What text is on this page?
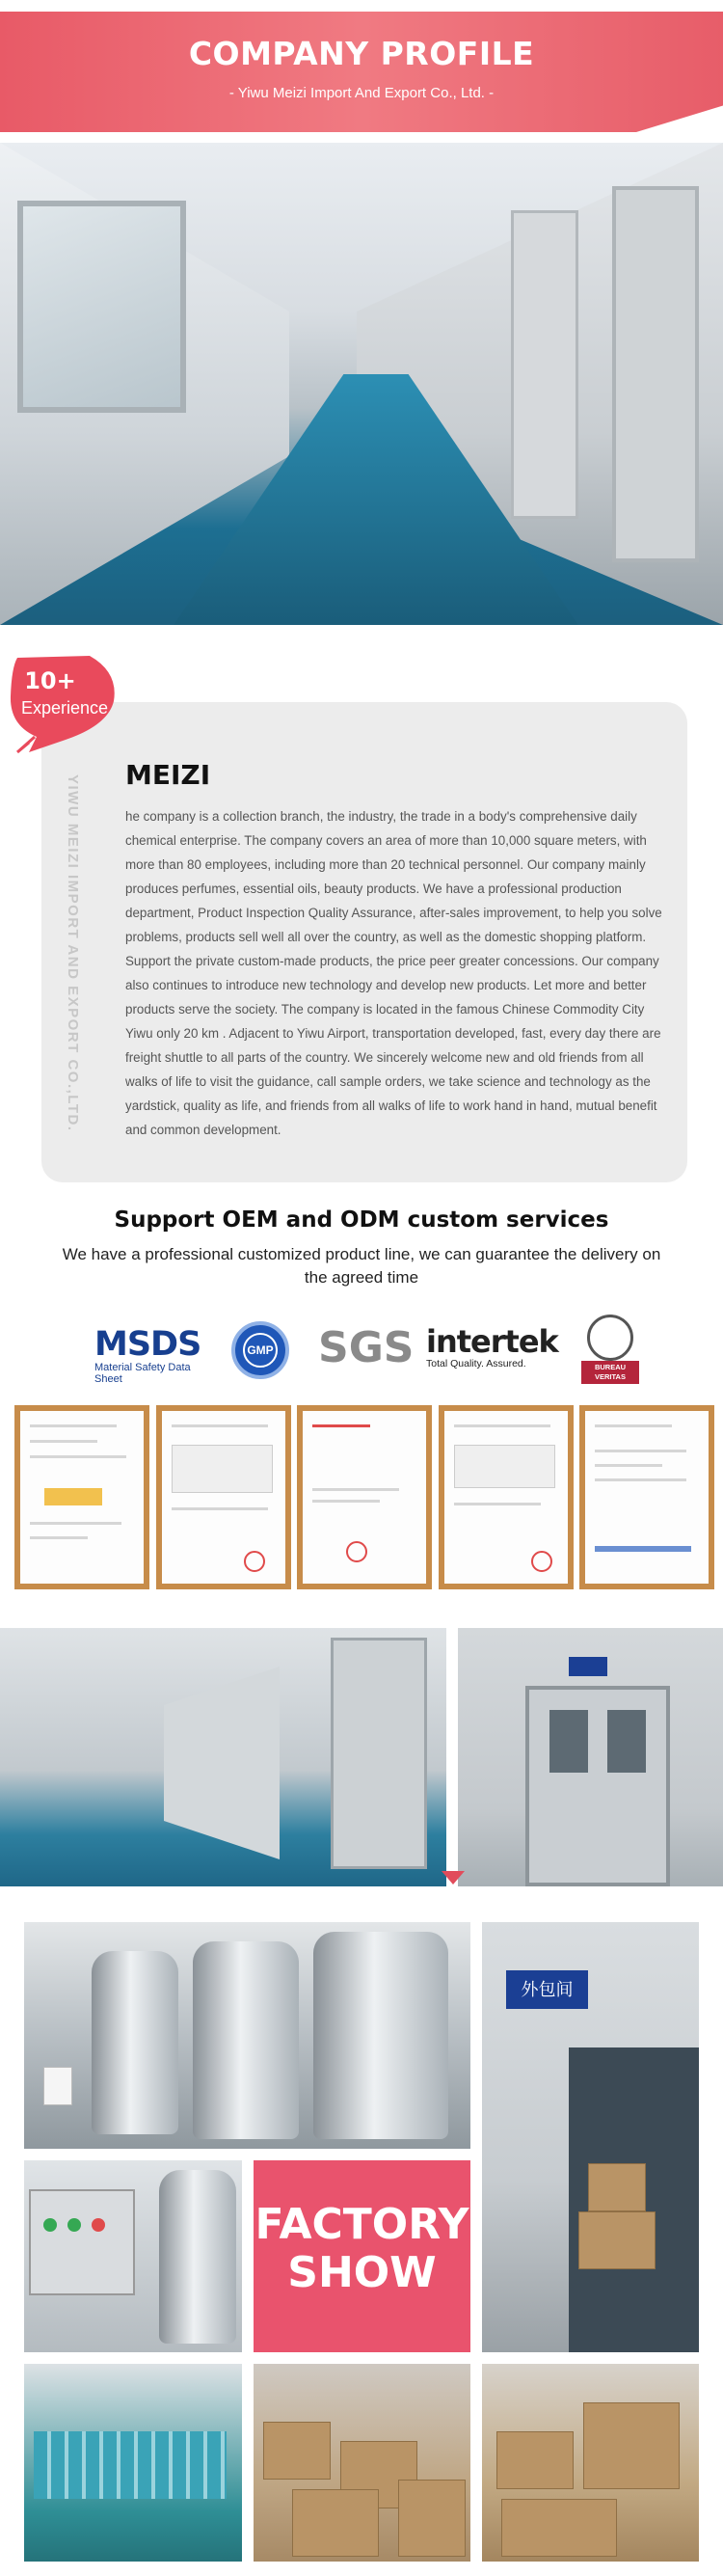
COMPANY PROFILE
- Yiwu Meizi Import And Export Co., Ltd. -
10+
Experience
YIWU MEIZI IMPORT AND EXPORT CO.,LTD. MEIZI
he company is a collection branch, the industry, the trade in a body's comprehensive daily chemical enterprise. The company covers an area of more than 10,000 square meters, with more than 80 employees, including more than 20 technical personnel. Our company mainly produces perfumes, essential oils, beauty products. We have a professional production department, Product Inspection Quality Assurance, after-sales improvement, to help you solve problems, products sell well all over the country, as well as the domestic shopping platform. Support the private custom-made products, the price peer greater concessions. Our company also continues to introduce new technology and develop new products. Let more and better products serve the society. The company is located in the famous Chinese Commodity City Yiwu only 20 km . Adjacent to Yiwu Airport, transportation developed, fast, every day there are freight shuttle to all parts of the country. We sincerely welcome new and old friends from all walks of life to visit the guidance, call sample orders, we take science and technology as the yardstick, quality as life, and friends from all walks of life to work hand in hand, mutual benefit and common development.
Support OEM and ODM custom services
We have a professional customized product line, we can guarantee the delivery on the agreed time
MSDS
Material Safety Data Sheet
GMP SGS intertek
Total Quality. Assured.	BUREAU
VERITAS
外包间
FACTORY
SHOW
